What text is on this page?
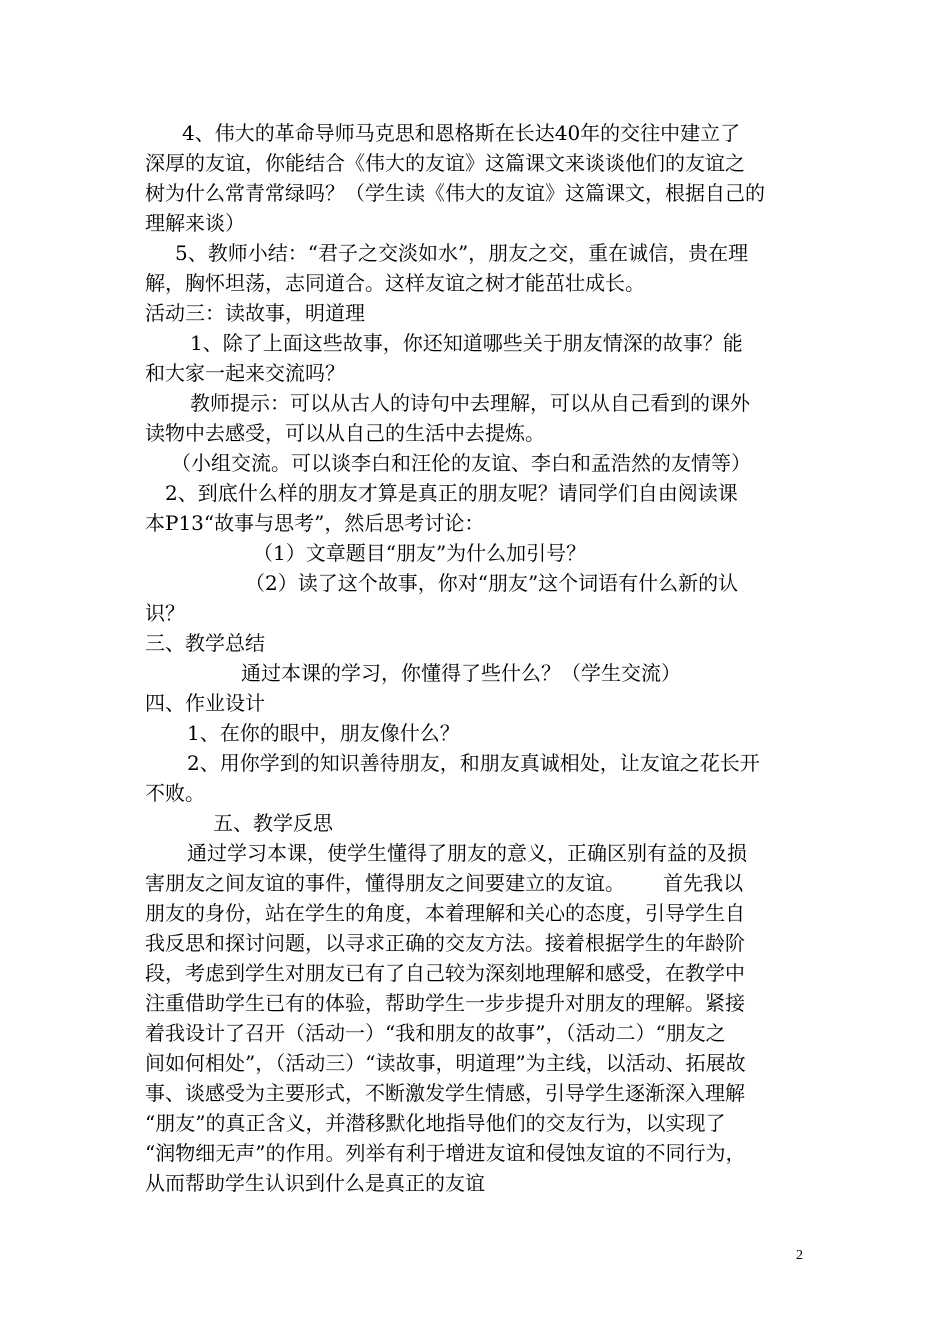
4、伟大的革命导师马克思和恩格斯在长达40年的交往中建立了
深厚的友谊，你能结合《伟大的友谊》这篇课文来谈谈他们的友谊之
树为什么常青常绿吗？（学生读《伟大的友谊》这篇课文，根据自己的
理解来谈）
5、教师小结：“君子之交淡如水”，朋友之交，重在诚信，贵在理
解，胸怀坦荡，志同道合。这样友谊之树才能茁壮成长。
活动三：读故事，明道理
1、除了上面这些故事，你还知道哪些关于朋友情深的故事？能
和大家一起来交流吗？
教师提示：可以从古人的诗句中去理解，可以从自己看到的课外
读物中去感受，可以从自己的生活中去提炼。
（小组交流。可以谈李白和汪伦的友谊、李白和孟浩然的友情等）
2、到底什么样的朋友才算是真正的朋友呢？请同学们自由阅读课
本P13“故事与思考”，然后思考讨论：
（1）文章题目“朋友”为什么加引号？
（2）读了这个故事，你对“朋友”这个词语有什么新的认
识？
三、教学总结
通过本课的学习，你懂得了些什么？（学生交流）
四、作业设计
1、在你的眼中，朋友像什么？
2、用你学到的知识善待朋友，和朋友真诚相处，让友谊之花长开
不败。
五、教学反思
通过学习本课，使学生懂得了朋友的意义，正确区别有益的及损
害朋友之间友谊的事件，懂得朋友之间要建立的友谊。      首先我以
朋友的身份，站在学生的角度，本着理解和关心的态度，引导学生自
我反思和探讨问题，以寻求正确的交友方法。接着根据学生的年龄阶
段，考虑到学生对朋友已有了自己较为深刻地理解和感受，在教学中
注重借助学生已有的体验，帮助学生一步步提升对朋友的理解。紧接
着我设计了召开（活动一）“我和朋友的故事”，（活动二）“朋友之
间如何相处”，（活动三）“读故事，明道理”为主线，以活动、拓展故
事、谈感受为主要形式，不断激发学生情感，引导学生逐渐深入理解
“朋友”的真正含义，并潜移默化地指导他们的交友行为，以实现了
“润物细无声”的作用。列举有利于增进友谊和侵蚀友谊的不同行为，
从而帮助学生认识到什么是真正的友谊
2
